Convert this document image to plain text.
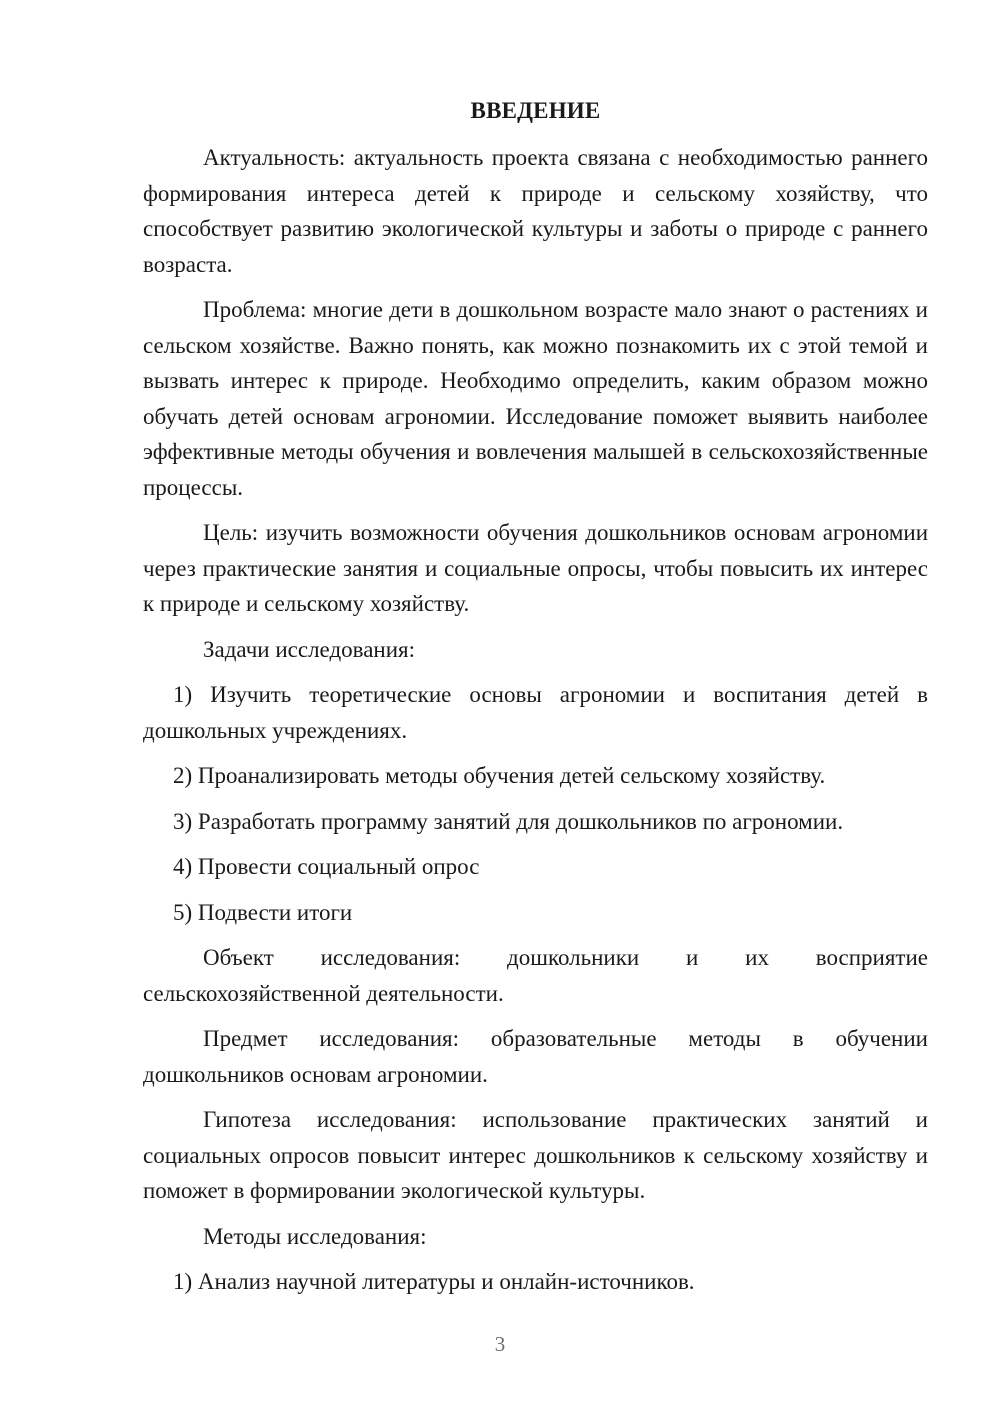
ВВЕДЕНИЕ

Актуальность: актуальность проекта связана с необходимостью раннего формирования интереса детей к природе и сельскому хозяйству, что способствует развитию экологической культуры и заботы о природе с раннего возраста.

Проблема: многие дети в дошкольном возрасте мало знают о растениях и сельском хозяйстве. Важно понять, как можно познакомить их с этой темой и вызвать интерес к природе. Необходимо определить, каким образом можно обучать детей основам агрономии. Исследование поможет выявить наиболее эффективные методы обучения и вовлечения малышей в сельскохозяйственные процессы.

Цель: изучить возможности обучения дошкольников основам агрономии через практические занятия и социальные опросы, чтобы повысить их интерес к природе и сельскому хозяйству.

Задачи исследования:

1) Изучить теоретические основы агрономии и воспитания детей в дошкольных учреждениях.

2) Проанализировать методы обучения детей сельскому хозяйству.

3) Разработать программу занятий для дошкольников по агрономии.

4) Провести социальный опрос

5) Подвести итоги

Объект исследования: дошкольники и их восприятие сельскохозяйственной деятельности.

Предмет исследования: образовательные методы в обучении дошкольников основам агрономии.

Гипотеза исследования: использование практических занятий и социальных опросов повысит интерес дошкольников к сельскому хозяйству и поможет в формировании экологической культуры.

Методы исследования:

1) Анализ научной литературы и онлайн-источников.

3
